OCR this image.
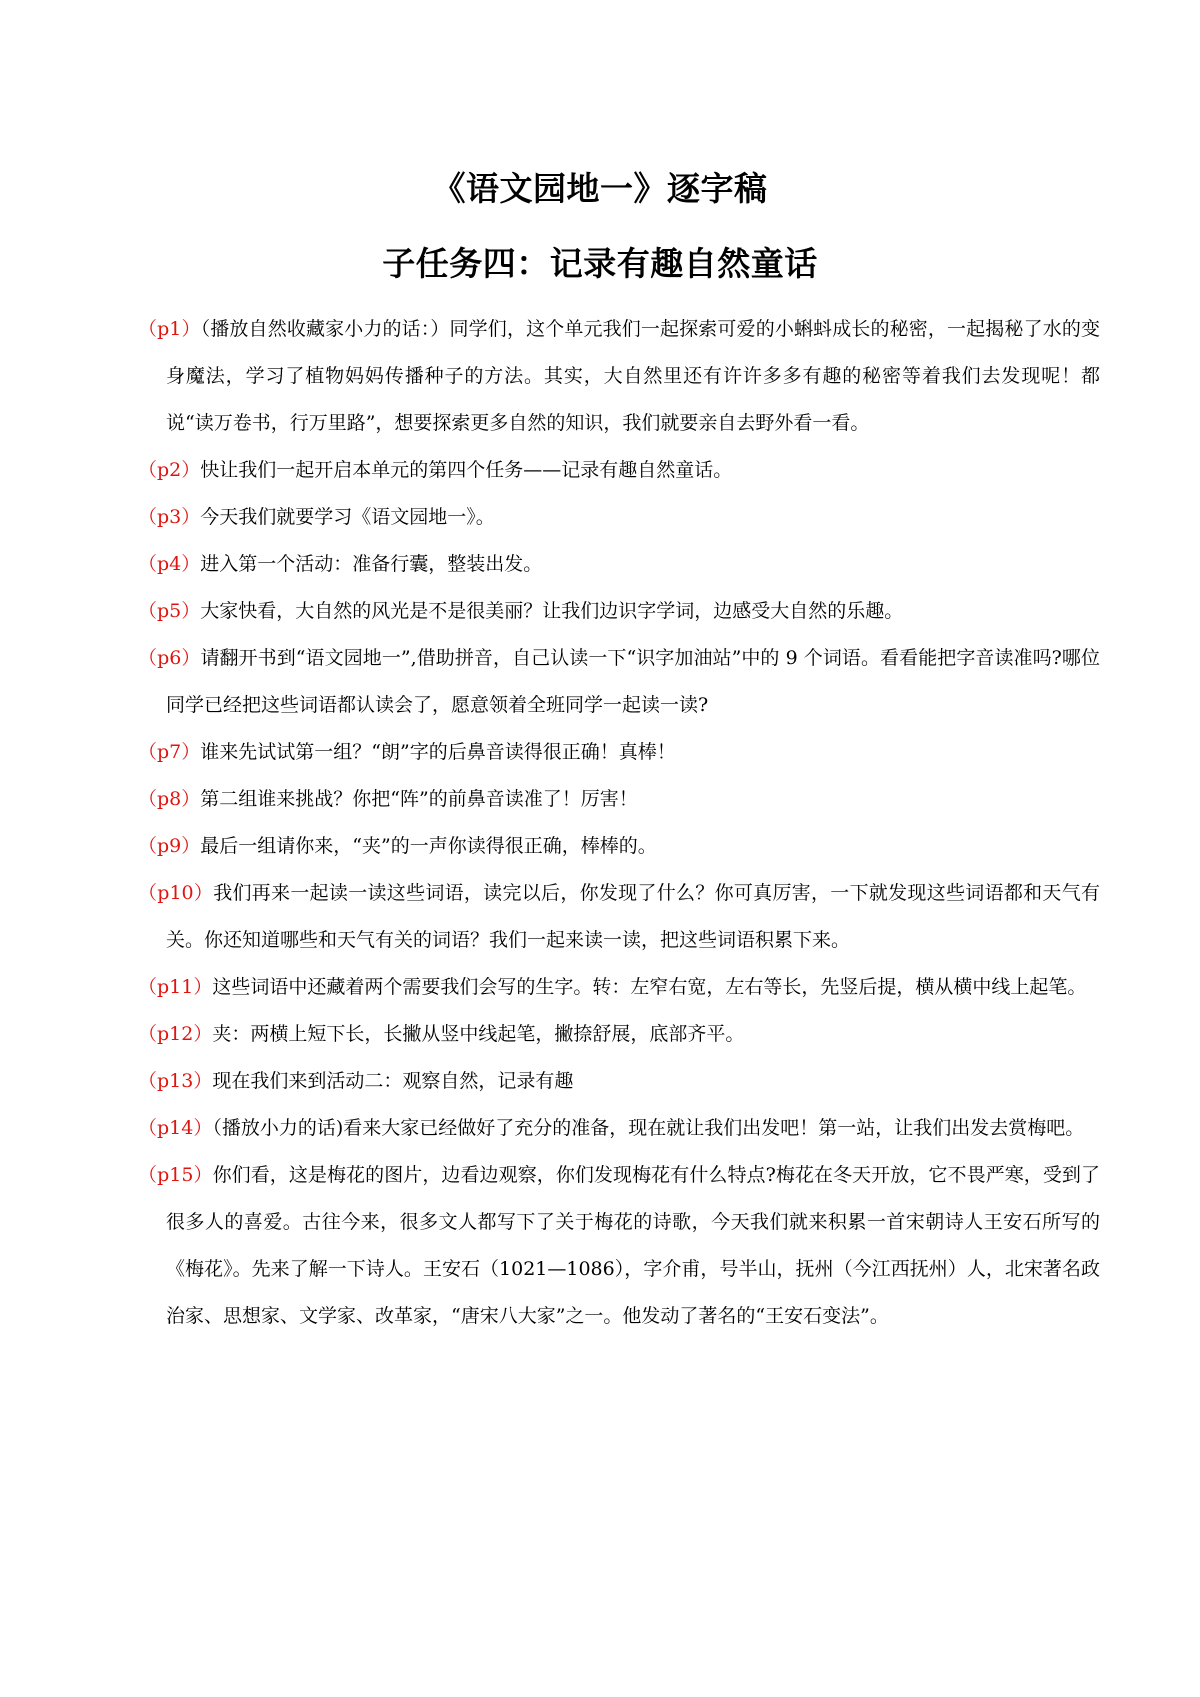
《语文园地一》逐字稿
子任务四：记录有趣自然童话

（p1）（播放自然收藏家小力的话：）同学们，这个单元我们一起探索可爱的小蝌蚪成长的秘密，一起揭秘了水的变身魔法，学习了植物妈妈传播种子的方法。其实，大自然里还有许许多多有趣的秘密等着我们去发现呢！都说“读万卷书，行万里路”，想要探索更多自然的知识，我们就要亲自去野外看一看。

（p2）快让我们一起开启本单元的第四个任务——记录有趣自然童话。

（p3）今天我们就要学习《语文园地一》。

（p4）进入第一个活动：准备行囊，整装出发。

（p5）大家快看，大自然的风光是不是很美丽？让我们边识字学词，边感受大自然的乐趣。

（p6）请翻开书到“语文园地一”,借助拼音，自己认读一下“识字加油站”中的 9 个词语。看看能把字音读准吗?哪位同学已经把这些词语都认读会了，愿意领着全班同学一起读一读?

（p7）谁来先试试第一组？“朗”字的后鼻音读得很正确！真棒！

（p8）第二组谁来挑战？你把“阵”的前鼻音读准了！厉害！

（p9）最后一组请你来，“夹”的一声你读得很正确，棒棒的。

（p10）我们再来一起读一读这些词语，读完以后，你发现了什么？你可真厉害，一下就发现这些词语都和天气有关。你还知道哪些和天气有关的词语？我们一起来读一读，把这些词语积累下来。

（p11）这些词语中还藏着两个需要我们会写的生字。转：左窄右宽，左右等长，先竖后提，横从横中线上起笔。

（p12）夹：两横上短下长，长撇从竖中线起笔，撇捺舒展，底部齐平。

（p13）现在我们来到活动二：观察自然，记录有趣

（p14）（播放小力的话)看来大家已经做好了充分的准备，现在就让我们出发吧！第一站，让我们出发去赏梅吧。

（p15）你们看，这是梅花的图片，边看边观察，你们发现梅花有什么特点?梅花在冬天开放，它不畏严寒，受到了很多人的喜爱。古往今来，很多文人都写下了关于梅花的诗歌，今天我们就来积累一首宋朝诗人王安石所写的《梅花》。先来了解一下诗人。王安石（1021—1086），字介甫，号半山，抚州（今江西抚州）人，北宋著名政治家、思想家、文学家、改革家，“唐宋八大家”之一。他发动了著名的“王安石变法”。
